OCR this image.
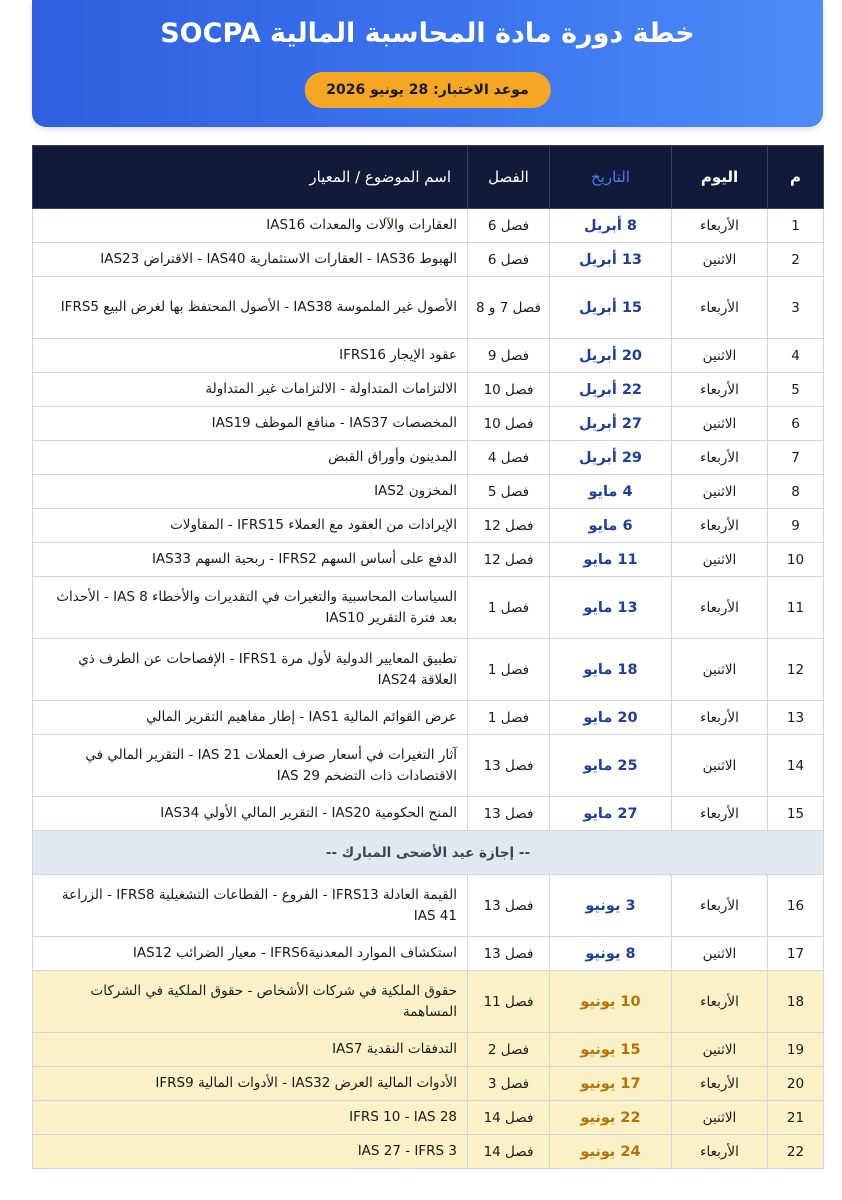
خطة دورة مادة المحاسبة المالية SOCPA
موعد الاختبار: 28 يونيو 2026
م	اليوم	التاريخ	الفصل	اسم الموضوع / المعيار
1	الأربعاء	8 أبريل	فصل 6	العقارات والآلات والمعدات IAS16
2	الاثنين	13 أبريل	فصل 6	الهبوط IAS36 - العقارات الاستثمارية IAS40 - الاقتراض IAS23
3	الأربعاء	15 أبريل	فصل 7 و 8	الأصول غير الملموسة IAS38 - الأصول المحتفظ بها لغرض البيع IFRS5
4	الاثنين	20 أبريل	فصل 9	عقود الإيجار IFRS16
5	الأربعاء	22 أبريل	فصل 10	الالتزامات المتداولة - الالتزامات غير المتداولة
6	الاثنين	27 أبريل	فصل 10	المخصصات IAS37 - منافع الموظف IAS19
7	الأربعاء	29 أبريل	فصل 4	المدينون وأوراق القبض
8	الاثنين	4 مايو	فصل 5	المخزون IAS2
9	الأربعاء	6 مايو	فصل 12	الإيرادات من العقود مع العملاء IFRS15 - المقاولات
10	الاثنين	11 مايو	فصل 12	الدفع على أساس السهم IFRS2 - ربحية السهم IAS33
11	الأربعاء	13 مايو	فصل 1	السياسات المحاسبية والتغيرات في التقديرات والأخطاء IAS 8 - الأحداث بعد فترة التقرير IAS10
12	الاثنين	18 مايو	فصل 1	تطبيق المعايير الدولية لأول مرة IFRS1 - الإفصاحات عن الطرف ذي العلاقة IAS24
13	الأربعاء	20 مايو	فصل 1	عرض القوائم المالية IAS1 - إطار مفاهيم التقرير المالي
14	الاثنين	25 مايو	فصل 13	آثار التغيرات في أسعار صرف العملات IAS 21 - التقرير المالي في الاقتصادات ذات التضخم IAS 29
15	الأربعاء	27 مايو	فصل 13	المنح الحكومية IAS20 - التقرير المالي الأولي IAS34
-- إجازة عيد الأضحى المبارك --				
16	الأربعاء	3 يونيو	فصل 13	القيمة العادلة IFRS13 - الفروع - القطاعات التشغيلية IFRS8 - الزراعة IAS 41
17	الاثنين	8 يونيو	فصل 13	استكشاف الموارد المعدنيةIFRS6 - معيار الضرائب IAS12
18	الأربعاء	10 يونيو	فصل 11	حقوق الملكية في شركات الأشخاص - حقوق الملكية في الشركات المساهمة
19	الاثنين	15 يونيو	فصل 2	التدفقات النقدية IAS7
20	الأربعاء	17 يونيو	فصل 3	الأدوات المالية العرض IAS32 - الأدوات المالية IFRS9
21	الاثنين	22 يونيو	فصل 14	IFRS 10 - IAS 28
22	الأربعاء	24 يونيو	فصل 14	IAS 27 - IFRS 3
